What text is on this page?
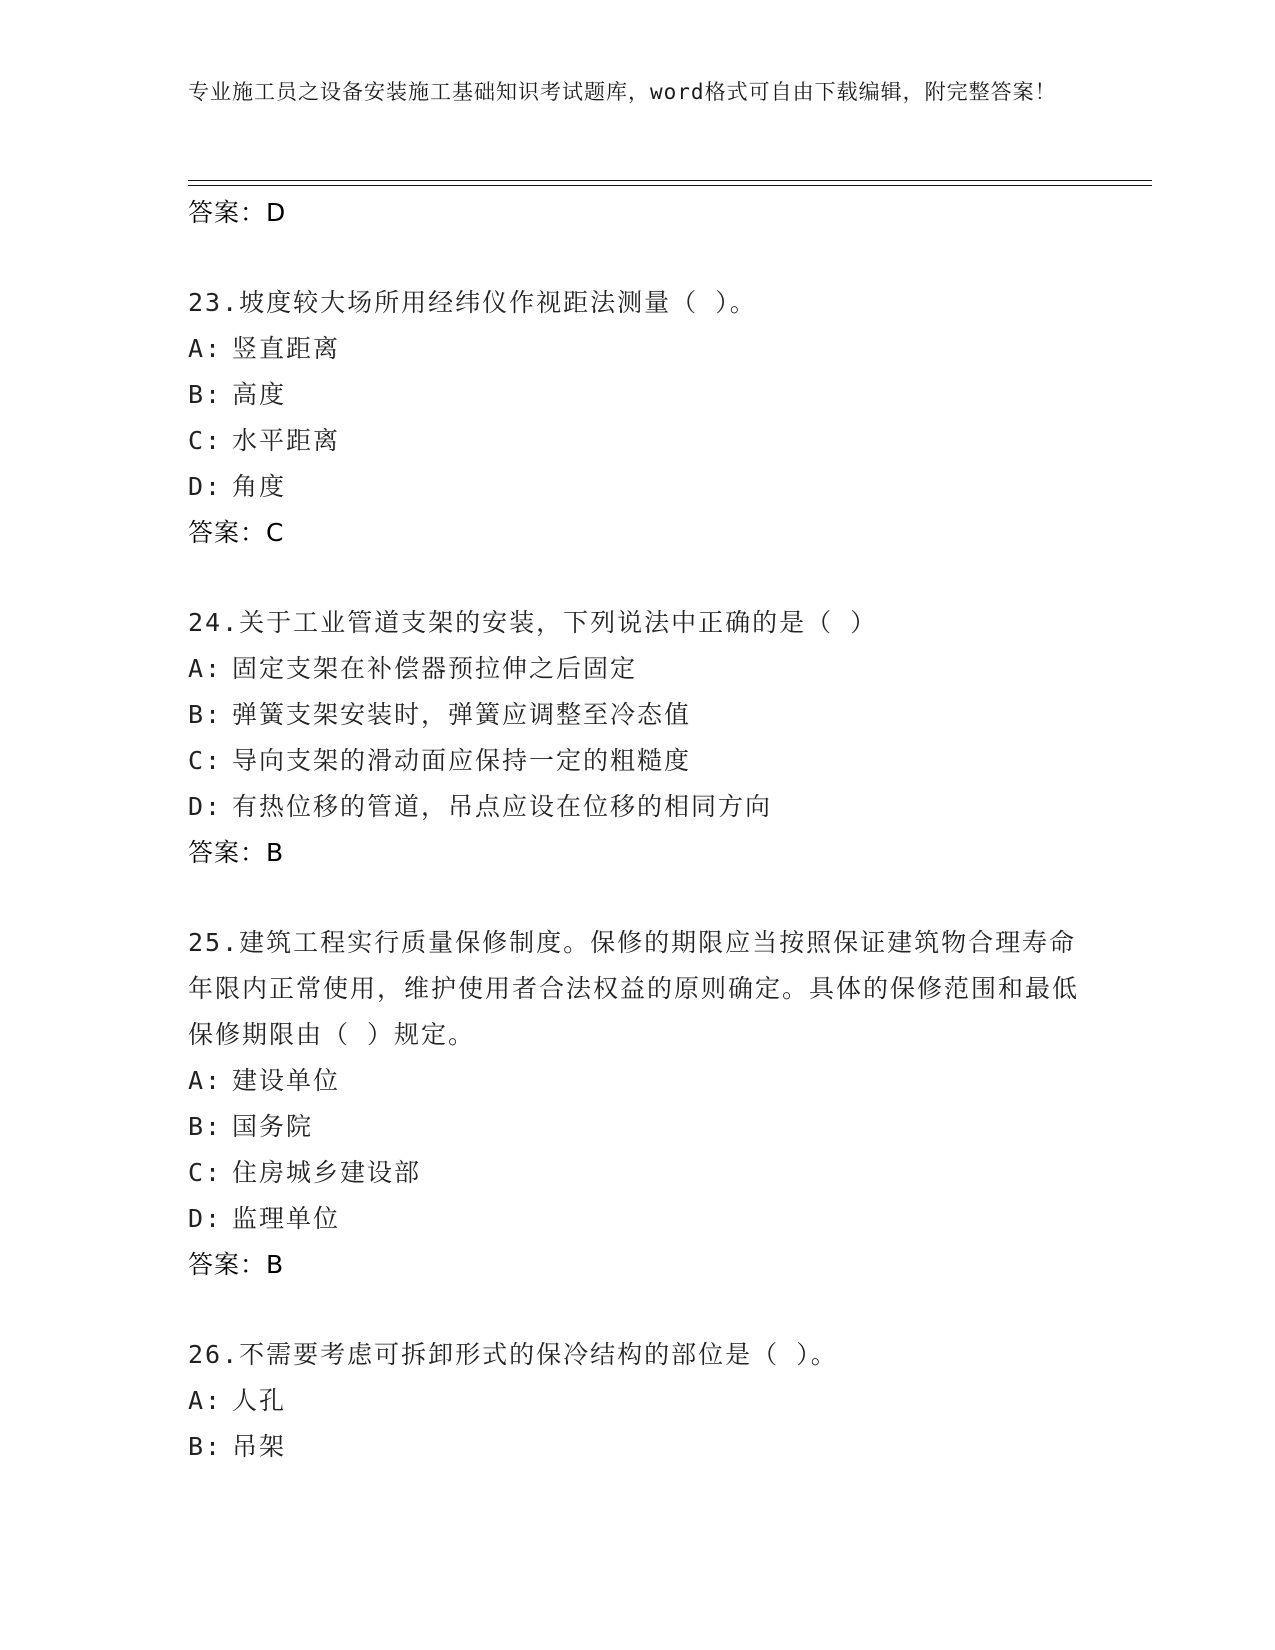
专业施工员之设备安装施工基础知识考试题库，word格式可自由下载编辑，附完整答案！
答案：D
23.坡度较大场所用经纬仪作视距法测量（ ）。
A: 竖直距离
B: 高度
C: 水平距离
D: 角度
答案：C
24.关于工业管道支架的安装，下列说法中正确的是（ ）
A: 固定支架在补偿器预拉伸之后固定
B: 弹簧支架安装时，弹簧应调整至冷态值
C: 导向支架的滑动面应保持一定的粗糙度
D: 有热位移的管道，吊点应设在位移的相同方向
答案：B
25.建筑工程实行质量保修制度。保修的期限应当按照保证建筑物合理寿命年限内正常使用，维护使用者合法权益的原则确定。具体的保修范围和最低保修期限由（ ）规定。
A: 建设单位
B: 国务院
C: 住房城乡建设部
D: 监理单位
答案：B
26.不需要考虑可拆卸形式的保冷结构的部位是（ ）。
A: 人孔
B: 吊架
